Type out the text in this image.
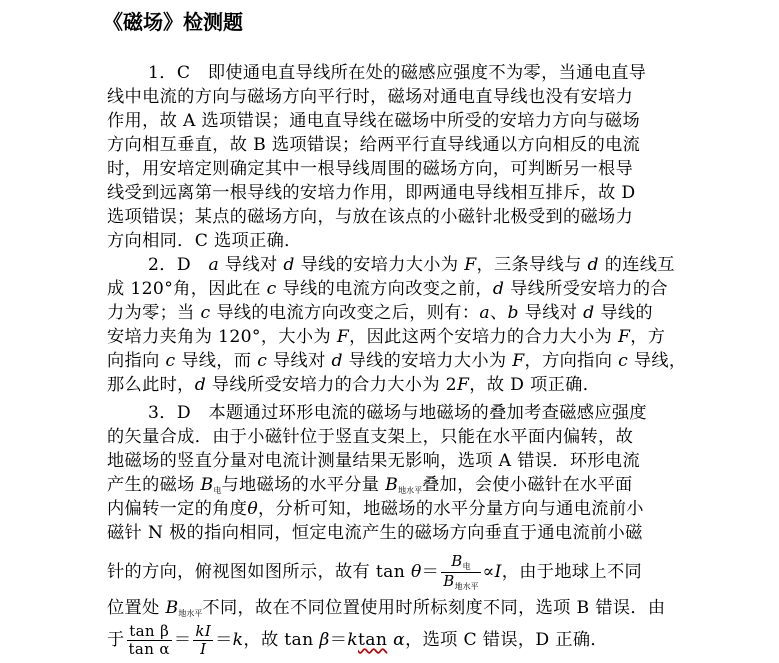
《磁场》检测题
1．C　即使通电直导线所在处的磁感应强度不为零，当通电直导
线中电流的方向与磁场方向平行时，磁场对通电直导线也没有安培力
作用，故 A 选项错误；通电直导线在磁场中所受的安培力方向与磁场
方向相互垂直，故 B 选项错误；给两平行直导线通以方向相反的电流
时，用安培定则确定其中一根导线周围的磁场方向，可判断另一根导
线受到远离第一根导线的安培力作用，即两通电导线相互排斥，故 D
选项错误；某点的磁场方向，与放在该点的小磁针北极受到的磁场力
方向相同．C 选项正确．
2．D　a 导线对 d 导线的安培力大小为 F，三条导线与 d 的连线互
成 120°角，因此在 c 导线的电流方向改变之前，d 导线所受安培力的合
力为零；当 c 导线的电流方向改变之后，则有：a、b 导线对 d 导线的
安培力夹角为 120°，大小为 F，因此这两个安培力的合力大小为 F，方
向指向 c 导线，而 c 导线对 d 导线的安培力大小为 F，方向指向 c 导线，
那么此时，d 导线所受安培力的合力大小为 2F，故 D 项正确．
3．D　本题通过环形电流的磁场与地磁场的叠加考查磁感应强度
的矢量合成．由于小磁针位于竖直支架上，只能在水平面内偏转，故
地磁场的竖直分量对电流计测量结果无影响，选项 A 错误．环形电流
产生的磁场 $B_电$与地磁场的水平分量 $B_{地水平}$叠加，会使小磁针在水平面
内偏转一定的角度θ，分析可知，地磁场的水平分量方向与通电流前小
磁针 N 极的指向相同，恒定电流产生的磁场方向垂直于通电流前小磁
针的方向，俯视图如图所示，故有 $\tan \theta= \frac{B_电}{B_{地水平}} \propto I$，由于地球上不同
位置处 $B_{地水平}$不同，故在不同位置使用时所标刻度不同，选项 B 错误．由
于 $\frac{\text{tan β}}{\text{tan α}} = \frac{kI}{I} =k$，故 tan β＝ktan α，选项 C 错误，D 正确．
